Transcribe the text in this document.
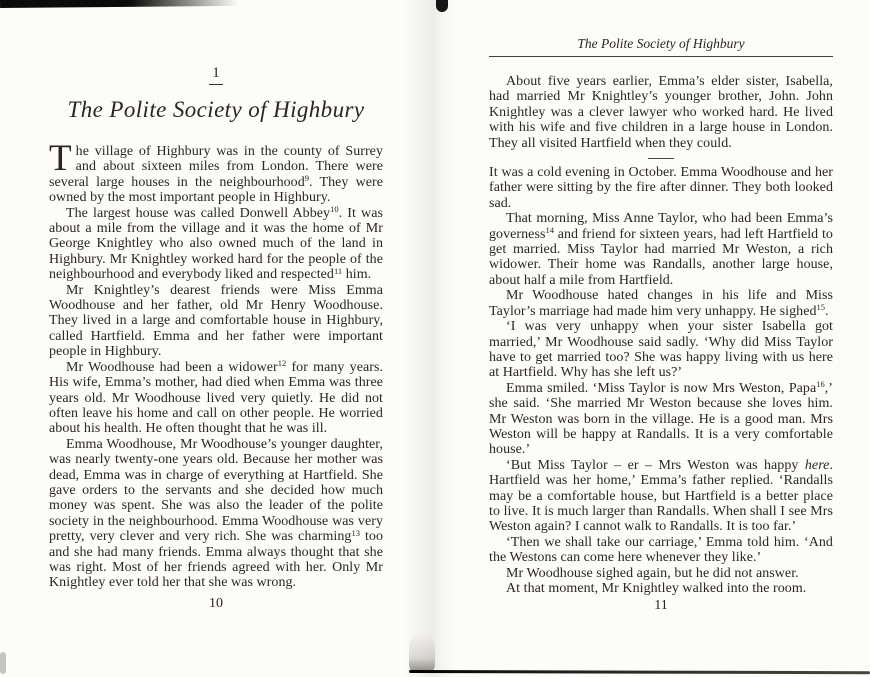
1
The Polite Society of Highbury

The village of Highbury was in the county of Surrey and about sixteen miles from London. There were several large houses in the neighbourhood$^9$. They were owned by the most important people in Highbury.

The largest house was called Donwell Abbey$^{10}$. It was about a mile from the village and it was the home of Mr George Knightley who also owned much of the land in Highbury. Mr Knightley worked hard for the people of the neighbourhood and everybody liked and respected$^{11}$ him.

Mr Knightley’s dearest friends were Miss Emma Woodhouse and her father, old Mr Henry Woodhouse. They lived in a large and comfortable house in Highbury, called Hartfield. Emma and her father were important people in Highbury.

Mr Woodhouse had been a widower$^{12}$ for many years. His wife, Emma’s mother, had died when Emma was three years old. Mr Woodhouse lived very quietly. He did not often leave his home and call on other people. He worried about his health. He often thought that he was ill.

Emma Woodhouse, Mr Woodhouse’s younger daughter, was nearly twenty-one years old. Because her mother was dead, Emma was in charge of everything at Hartfield. She gave orders to the servants and she decided how much money was spent. She was also the leader of the polite society in the neighbourhood. Emma Woodhouse was very pretty, very clever and very rich. She was charming$^{13}$ too and she had many friends. Emma always thought that she was right. Most of her friends agreed with her. Only Mr Knightley ever told her that she was wrong.

10
The Polite Society of Highbury

About five years earlier, Emma’s elder sister, Isabella, had married Mr Knightley’s younger brother, John. John Knightley was a clever lawyer who worked hard. He lived with his wife and five children in a large house in London. They all visited Hartfield when they could.

It was a cold evening in October. Emma Woodhouse and her father were sitting by the fire after dinner. They both looked sad.

That morning, Miss Anne Taylor, who had been Emma’s governess$^{14}$ and friend for sixteen years, had left Hartfield to get married. Miss Taylor had married Mr Weston, a rich widower. Their home was Randalls, another large house, about half a mile from Hartfield.

Mr Woodhouse hated changes in his life and Miss Taylor’s marriage had made him very unhappy. He sighed$^{15}$.

‘I was very unhappy when your sister Isabella got married,’ Mr Woodhouse said sadly. ‘Why did Miss Taylor have to get married too? She was happy living with us here at Hartfield. Why has she left us?’

Emma smiled. ‘Miss Taylor is now Mrs Weston, Papa$^{16}$,’ she said. ‘She married Mr Weston because she loves him. Mr Weston was born in the village. He is a good man. Mrs Weston will be happy at Randalls. It is a very comfortable house.’

‘But Miss Taylor – er – Mrs Weston was happy here. Hartfield was her home,’ Emma’s father replied. ‘Randalls may be a comfortable house, but Hartfield is a better place to live. It is much larger than Randalls. When shall I see Mrs Weston again? I cannot walk to Randalls. It is too far.’

‘Then we shall take our carriage,’ Emma told him. ‘And the Westons can come here whenever they like.’

Mr Woodhouse sighed again, but he did not answer.

At that moment, Mr Knightley walked into the room.

11
